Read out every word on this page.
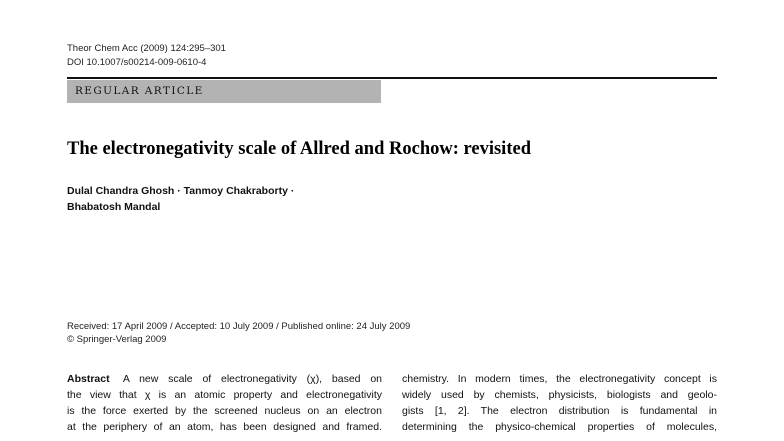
Theor Chem Acc (2009) 124:295–301
DOI 10.1007/s00214-009-0610-4
REGULAR ARTICLE
The electronegativity scale of Allred and Rochow: revisited
Dulal Chandra Ghosh · Tanmoy Chakraborty ·
Bhabatosh Mandal
Received: 17 April 2009 / Accepted: 10 July 2009 / Published online: 24 July 2009
© Springer-Verlag 2009
Abstract A new scale of electronegativity (χ), based on
the view that χ is an atomic property and electronegativity
is the force exerted by the screened nucleus on an electron
at the periphery of an atom, has been designed and framed.
chemistry. In modern times, the electronegativity concept is
widely used by chemists, physicists, biologists and geolo-
gists [1, 2]. The electron distribution is fundamental in
determining the physico-chemical properties of molecules,
